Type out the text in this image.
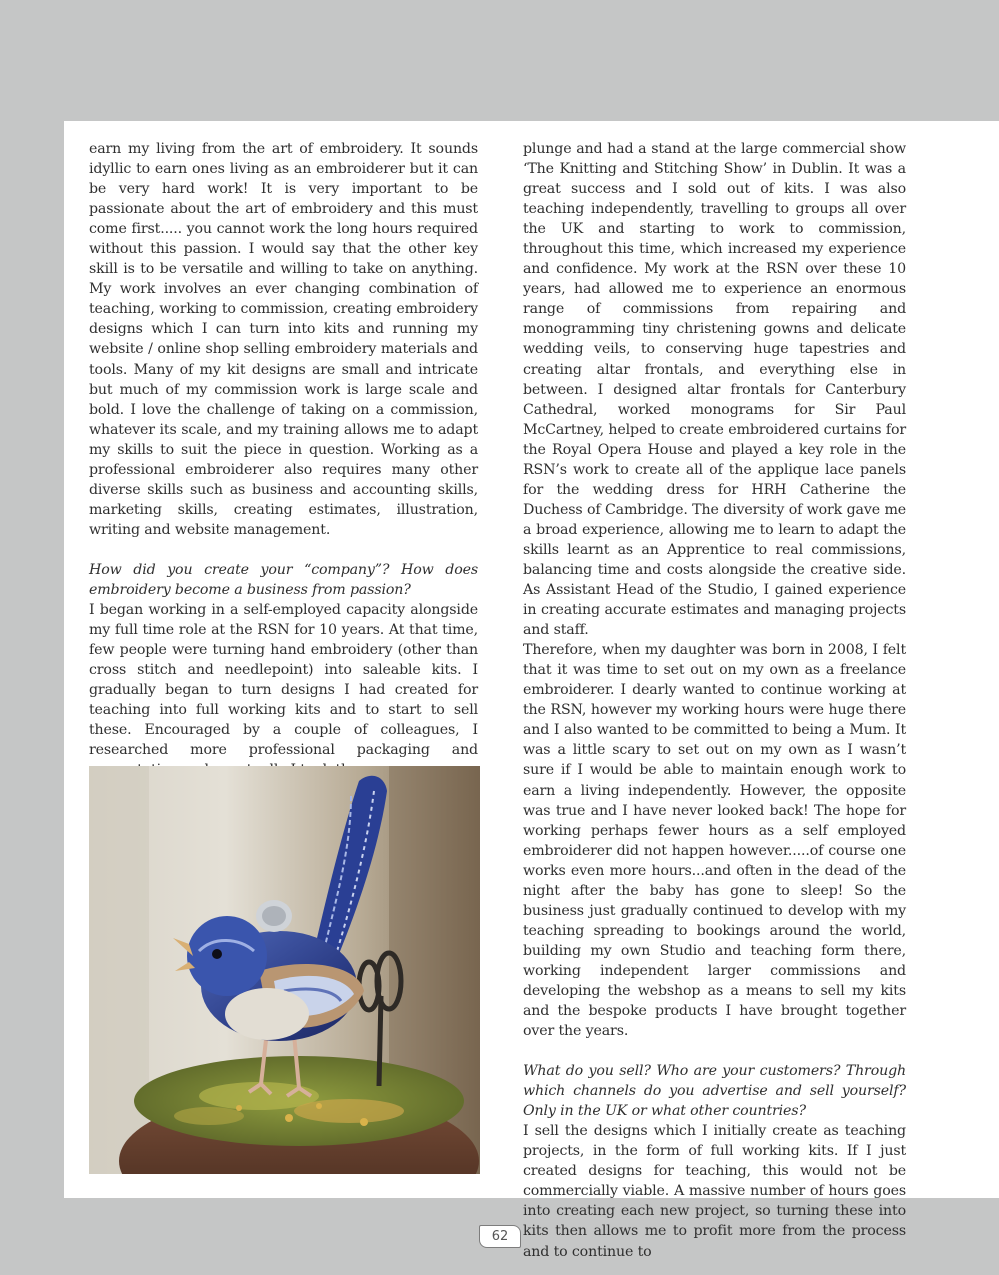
earn my living from the art of embroidery. It sounds idyllic to earn ones living as an embroiderer but it can be very hard work! It is very important to be passionate about the art of embroidery and this must come first..... you cannot work the long hours required without this passion. I would say that the other key skill is to be versatile and willing to take on anything. My work involves an ever changing combination of teaching, working to commission, creating embroidery designs which I can turn into kits and running my website / online shop selling embroidery materials and tools. Many of my kit designs are small and intricate but much of my commission work is large scale and bold. I love the challenge of taking on a commission, whatever its scale, and my training allows me to adapt my skills to suit the piece in question. Working as a professional embroiderer also requires many other diverse skills such as business and accounting skills, marketing skills, creating estimates, illustration, writing and website management.

How did you create your “company”? How does embroidery become a business from passion?

I began working in a self-employed capacity alongside my full time role at the RSN for 10 years. At that time, few people were turning hand embroidery (other than cross stitch and needlepoint) into saleable kits. I gradually began to turn designs I had created for teaching into full working kits and to start to sell these. Encouraged by a couple of colleagues, I researched more professional packaging and

plunge and had a stand at the large commercial show ‘The Knitting and Stitching Show’ in Dublin. It was a great success and I sold out of kits. I was also teaching independently, travelling to groups all over the UK and starting to work to commission, throughout this time, which increased my experience and confidence. My work at the RSN over these 10 years, had allowed me to experience an enormous range of commissions from repairing and monogramming tiny christening gowns and delicate wedding veils, to conserving huge tapestries and creating altar frontals, and everything else in between. I designed altar frontals for Canterbury Cathedral, worked monograms for Sir Paul McCartney, helped to create embroidered curtains for the Royal Opera House and played a key role in the RSN’s work to create all of the applique lace panels for the wedding dress for HRH Catherine the Duchess of Cambridge. The diversity of work gave me a broad experience, allowing me to learn to adapt the skills learnt as an Apprentice to real commissions, balancing time and costs alongside the creative side. As Assistant Head of the Studio, I gained experience in creating accurate estimates and managing projects and staff.

Therefore, when my daughter was born in 2008, I felt that it was time to set out on my own as a freelance embroiderer. I dearly wanted to continue working at the RSN, however my working hours were huge there and I also wanted to be committed to being a Mum. It was a little scary to set out on my own as I wasn’t sure if I would be able to maintain enough work to earn a living independently. However, the opposite was true and I have never looked back! The hope for working perhaps fewer hours as a self employed embroiderer did not happen however.....of course one works even more hours...and often in the dead of the night after the baby has gone to sleep! So the business just gradually continued to develop with my teaching spreading to bookings around the world, building my own Studio and teaching form there, working independent larger commissions and developing the webshop as a means to sell my kits and the bespoke products I have brought together over the years.

What do you sell? Who are your customers? Through which channels do you advertise and sell yourself? Only in the UK or what other countries?

I sell the designs which I initially create as teaching projects, in the form of full working kits. If I just created designs for teaching, this would not be commercially viable. A massive number of hours goes into creating each new project, so turning these into kits then allows me to profit more from the process and to continue to

62
